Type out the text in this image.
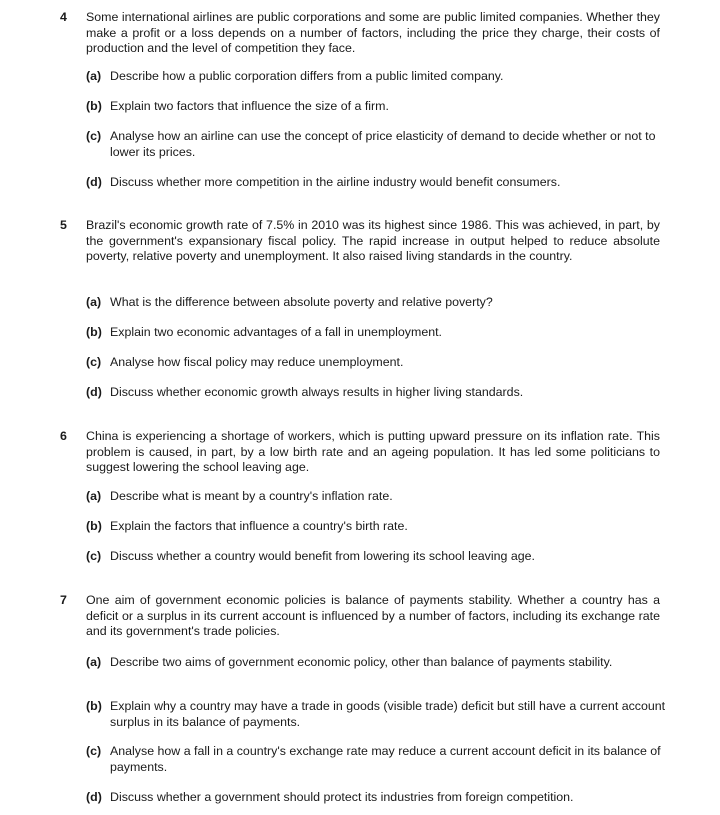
4	Some international airlines are public corporations and some are public limited companies. Whether they make a profit or a loss depends on a number of factors, including the price they charge, their costs of production and the level of competition they face.
(a) Describe how a public corporation differs from a public limited company.
(b) Explain two factors that influence the size of a firm.
(c) Analyse how an airline can use the concept of price elasticity of demand to decide whether or not to lower its prices.
(d) Discuss whether more competition in the airline industry would benefit consumers.
5	Brazil's economic growth rate of 7.5% in 2010 was its highest since 1986. This was achieved, in part, by the government's expansionary fiscal policy. The rapid increase in output helped to reduce absolute poverty, relative poverty and unemployment. It also raised living standards in the country.
(a) What is the difference between absolute poverty and relative poverty?
(b) Explain two economic advantages of a fall in unemployment.
(c) Analyse how fiscal policy may reduce unemployment.
(d) Discuss whether economic growth always results in higher living standards.
6	China is experiencing a shortage of workers, which is putting upward pressure on its inflation rate. This problem is caused, in part, by a low birth rate and an ageing population. It has led some politicians to suggest lowering the school leaving age.
(a) Describe what is meant by a country's inflation rate.
(b) Explain the factors that influence a country's birth rate.
(c) Discuss whether a country would benefit from lowering its school leaving age.
7	One aim of government economic policies is balance of payments stability. Whether a country has a deficit or a surplus in its current account is influenced by a number of factors, including its exchange rate and its government's trade policies.
(a) Describe two aims of government economic policy, other than balance of payments stability.
(b) Explain why a country may have a trade in goods (visible trade) deficit but still have a current account surplus in its balance of payments.
(c) Analyse how a fall in a country's exchange rate may reduce a current account deficit in its balance of payments.
(d) Discuss whether a government should protect its industries from foreign competition.
